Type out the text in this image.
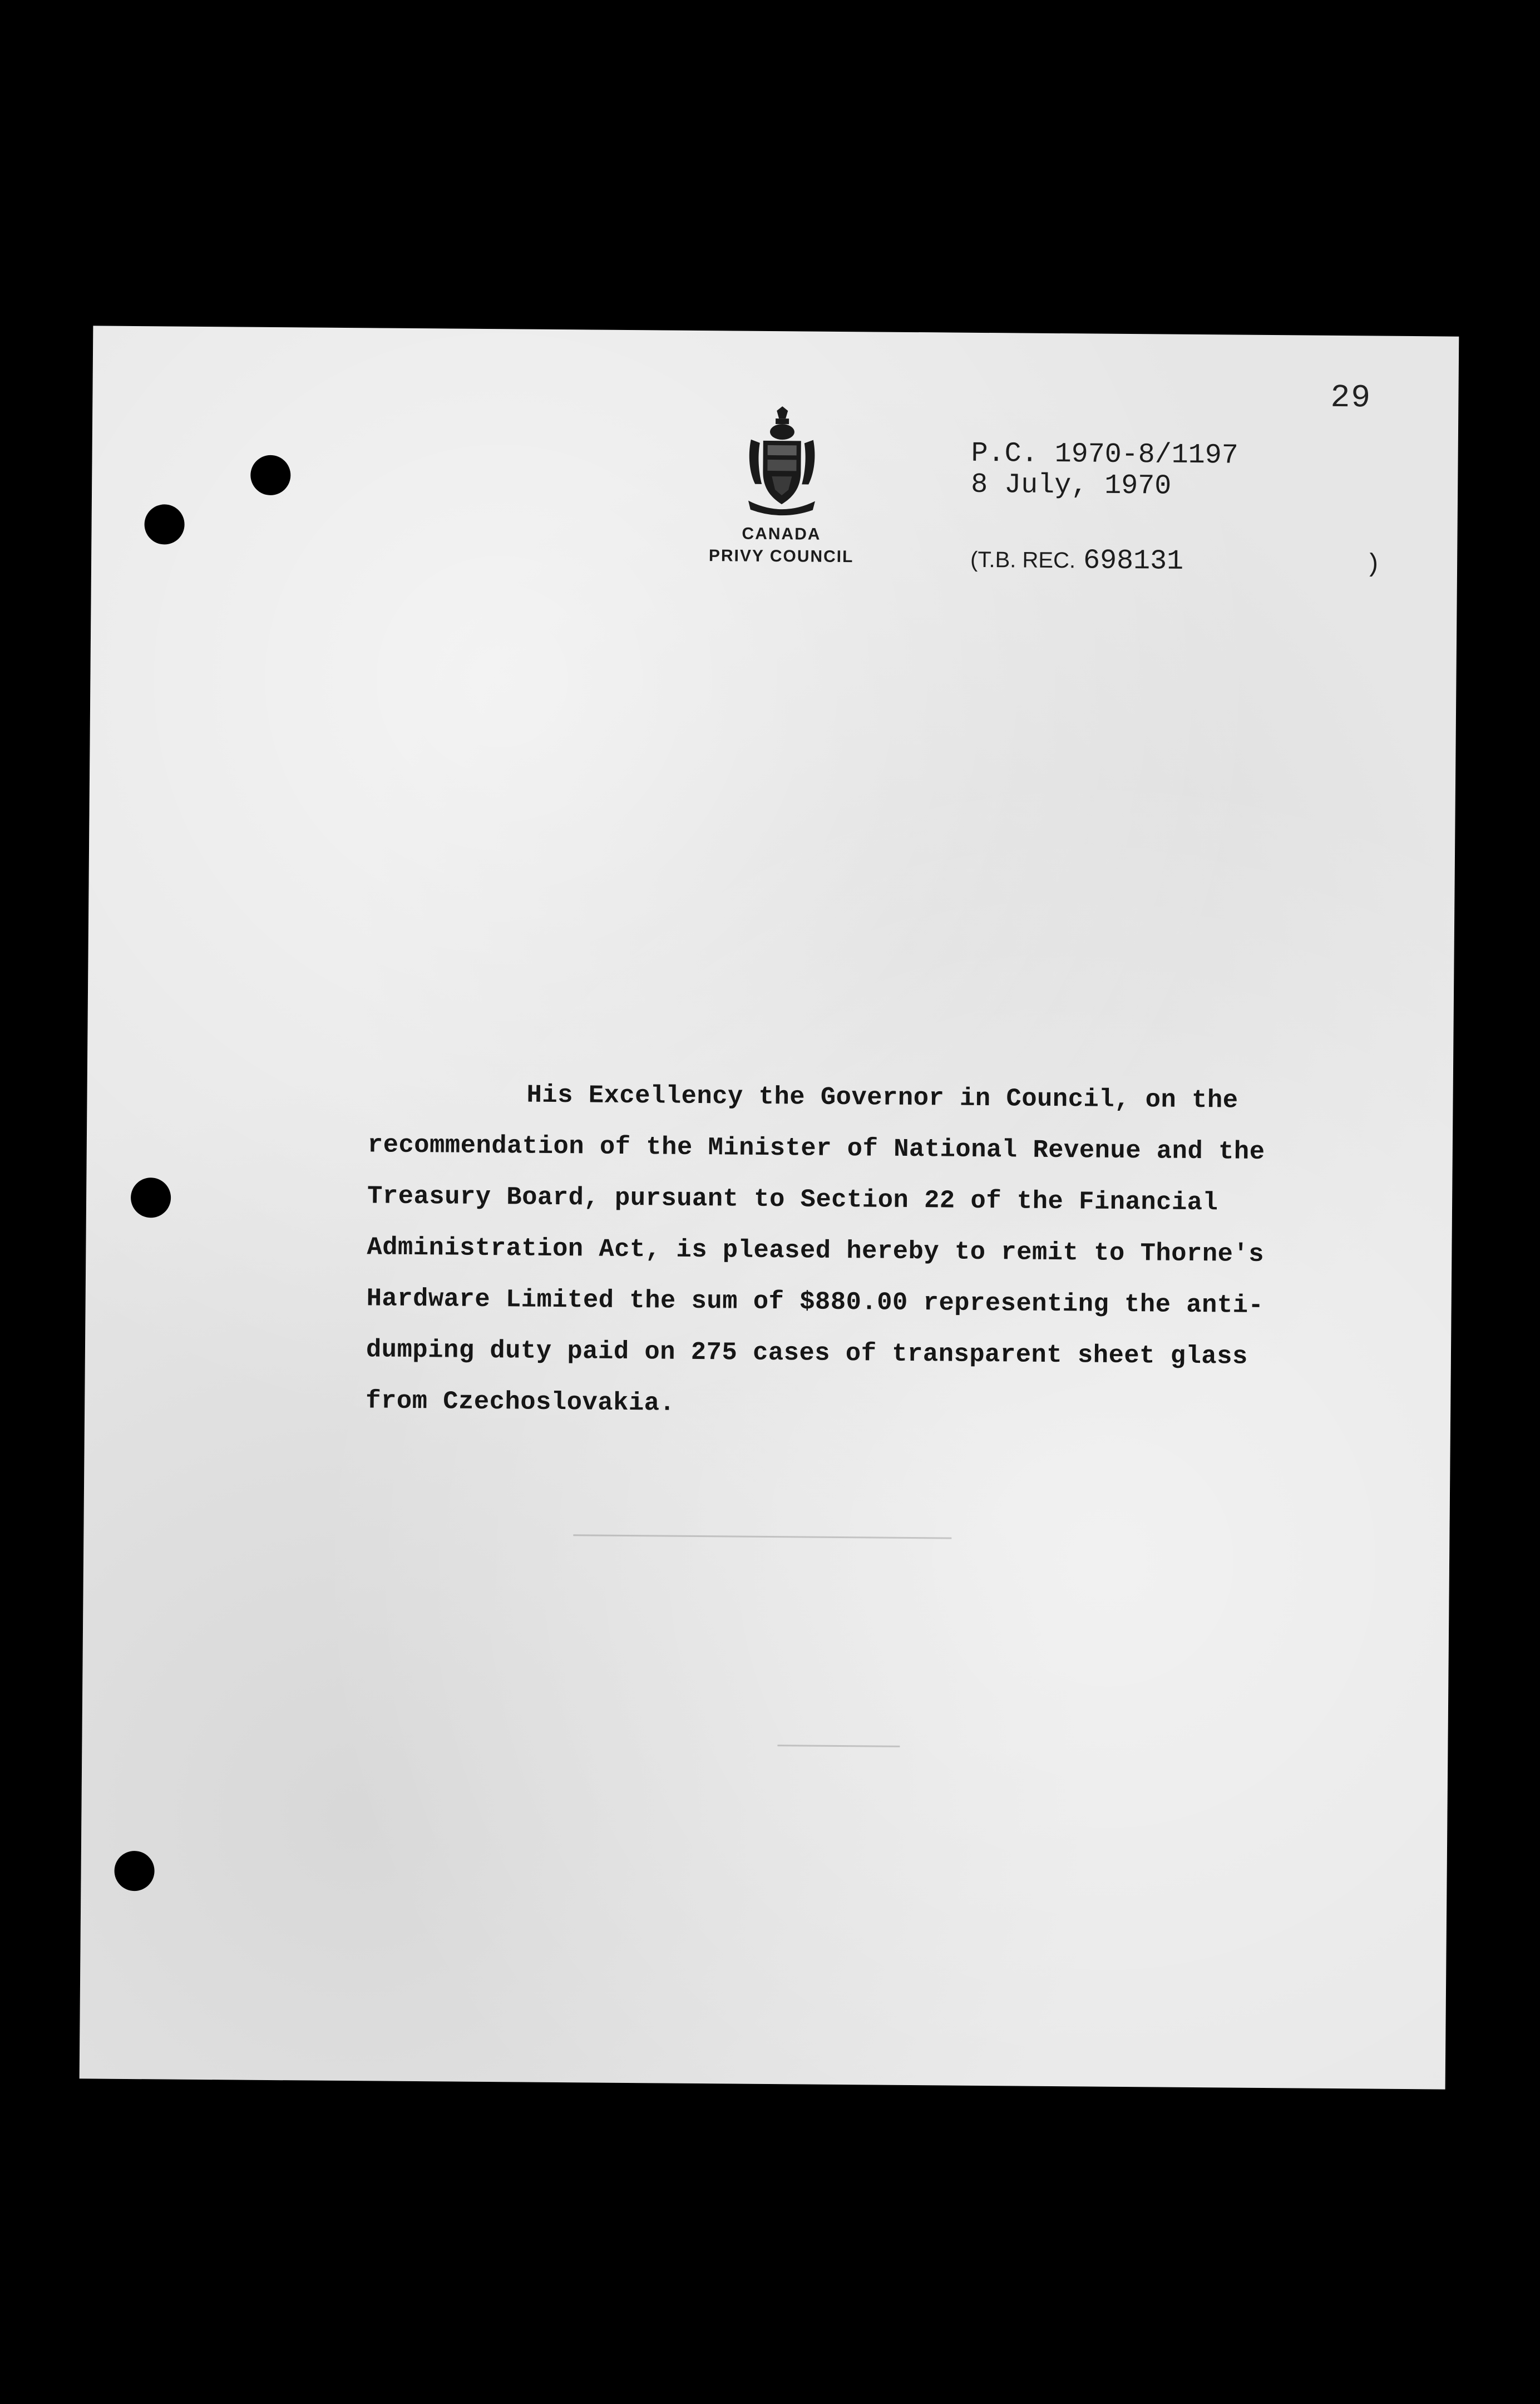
29
CANADA
PRIVY COUNCIL
P.C. 1970-8/1197
8 July, 1970
(T.B. REC. 698131	)
His Excellency the Governor in Council, on the
recommendation of the Minister of National Revenue and the
Treasury Board, pursuant to Section 22 of the Financial
Administration Act, is pleased hereby to remit to Thorne's
Hardware Limited the sum of $880.00 representing the anti-
dumping duty paid on 275 cases of transparent sheet glass
from Czechoslovakia.
